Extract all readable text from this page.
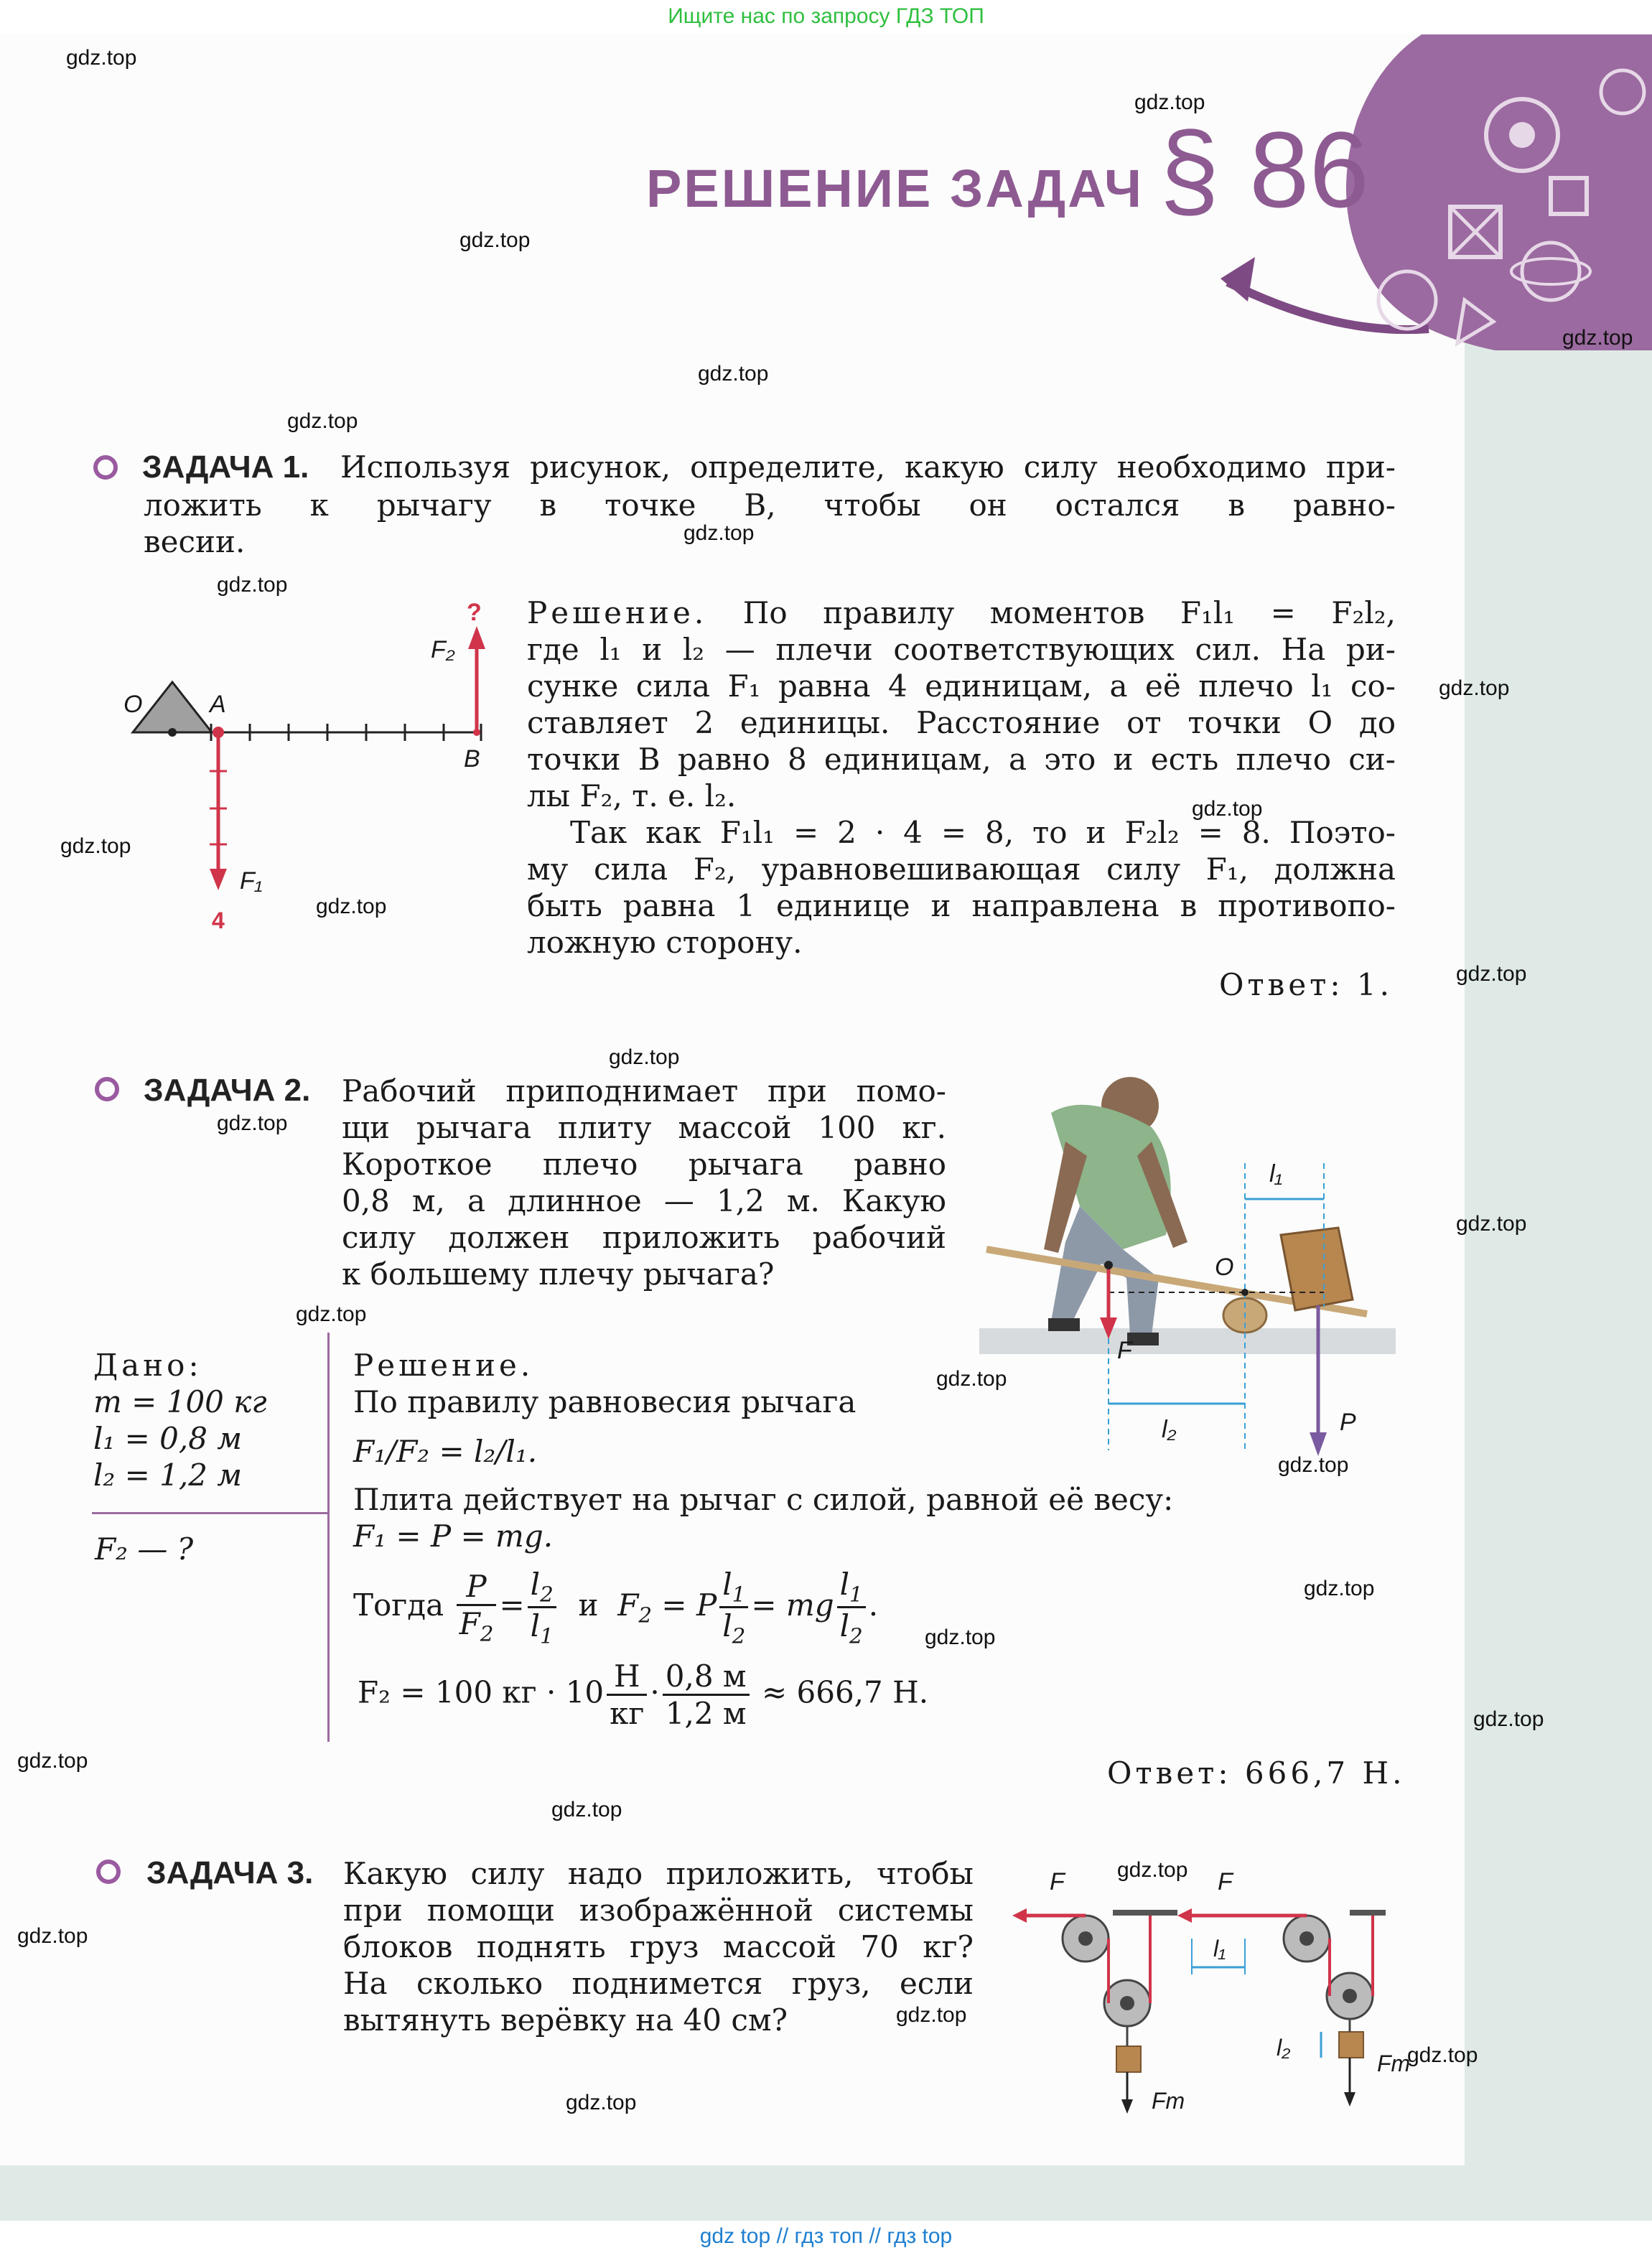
Ищите нас по запросу ГДЗ ТОП
РЕШЕНИЕ ЗАДАЧ § 86
ЗАДАЧА 1. Используя рисунок, определите, какую силу необходимо при-
ложить к рычагу в точке B, чтобы он остался в равно-
весии.
O	A
B
F₂
?
F₁
4
Решение. По правилу моментов F₁l₁ = F₂l₂,
где l₁ и l₂ — плечи соответствующих сил. На ри-
сунке сила F₁ равна 4 единицам, а её плечо l₁ со-
ставляет 2 единицы. Расстояние от точки O до
точки B равно 8 единицам, а это и есть плечо си-
лы F₂, т. е. l₂.
Так как F₁l₁ = 2 · 4 = 8, то и F₂l₂ = 8. Поэто-
му сила F₂, уравновешивающая силу F₁, должна
быть равна 1 единице и направлена в противопо-
ложную сторону.
Ответ: 1.
ЗАДАЧА 2. Рабочий приподнимает при помо-
щи рычага плиту массой 100 кг.
Короткое плечо рычага равно
0,8 м, а длинное — 1,2 м. Какую
силу должен приложить рабочий
к большему плечу рычага?
l₁
l₂
O
F
P
Дано:
m = 100 кг
l₁ = 0,8 м
l₂ = 1,2 м
F₂ — ?
Решение.
По правилу равновесия рычага
F₁/F₂ = l₂/l₁.
Плита действует на рычаг с силой, равной её весу:
F₁ = P = mg.
Тогда $\frac{P}{F_2} = \frac{l_2}{l_1}$ и $F_2 = P \frac{l_1}{l_2}$ = mg $\frac{l_1}{l_2}$ .
F₂ = 100 кг · $10 \frac{Н}{кг} \cdot \frac{0,8 м}{1,2 м} \approx 666,7$ Н.
Ответ: 666,7 Н.
ЗАДАЧА 3. Какую силу надо приложить, чтобы
при помощи изображённой системы
блоков поднять груз массой 70 кг?
На сколько поднимется груз, если
вытянуть верёвку на 40 см?
F	F
Fт
Fт
l₁
l₂
gdz.top
gdz.top
gdz.top
gdz.top
gdz.top
gdz.top
gdz.top
gdz.top
gdz.top
gdz.top
gdz.top
gdz.top
gdz.top
gdz.top
gdz.top
gdz.top
gdz.top
gdz.top
gdz.top
gdz.top
gdz.top
gdz.top
gdz.top
gdz.top
gdz.top
gdz.top
gdz.top
gdz.top
gdz.top
gdz top // гдз топ // гдз top
